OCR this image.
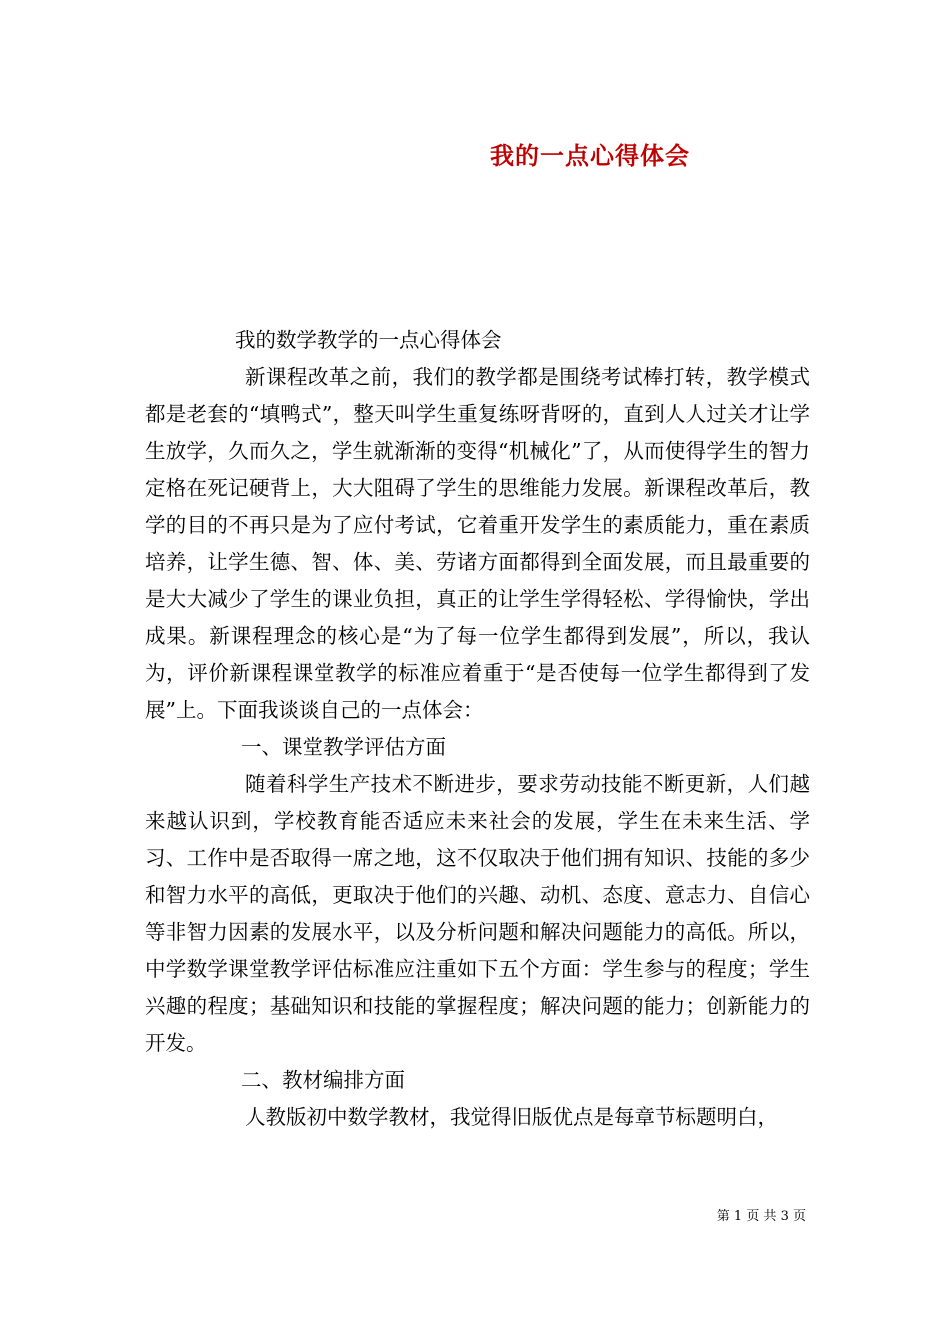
我的一点心得体会

我的数学教学的一点心得体会

新课程改革之前，我们的教学都是围绕考试棒打转，教学模式都是老套的“填鸭式”，整天叫学生重复练呀背呀的，直到人人过关才让学生放学，久而久之，学生就渐渐的变得“机械化”了，从而使得学生的智力定格在死记硬背上，大大阻碍了学生的思维能力发展。新课程改革后，教学的目的不再只是为了应付考试，它着重开发学生的素质能力，重在素质培养，让学生德、智、体、美、劳诸方面都得到全面发展，而且最重要的是大大减少了学生的课业负担，真正的让学生学得轻松、学得愉快，学出成果。新课程理念的核心是“为了每一位学生都得到发展”，所以，我认为，评价新课程课堂教学的标准应着重于“是否使每一位学生都得到了发展”上。下面我谈谈自己的一点体会：

一、课堂教学评估方面

随着科学生产技术不断进步，要求劳动技能不断更新，人们越来越认识到，学校教育能否适应未来社会的发展，学生在未来生活、学习、工作中是否取得一席之地，这不仅取决于他们拥有知识、技能的多少和智力水平的高低，更取决于他们的兴趣、动机、态度、意志力、自信心等非智力因素的发展水平，以及分析问题和解决问题能力的高低。所以，中学数学课堂教学评估标准应注重如下五个方面：学生参与的程度；学生兴趣的程度；基础知识和技能的掌握程度；解决问题的能力；创新能力的开发。

二、教材编排方面

人教版初中数学教材，我觉得旧版优点是每章节标题明白，

第 1 页 共 3 页
